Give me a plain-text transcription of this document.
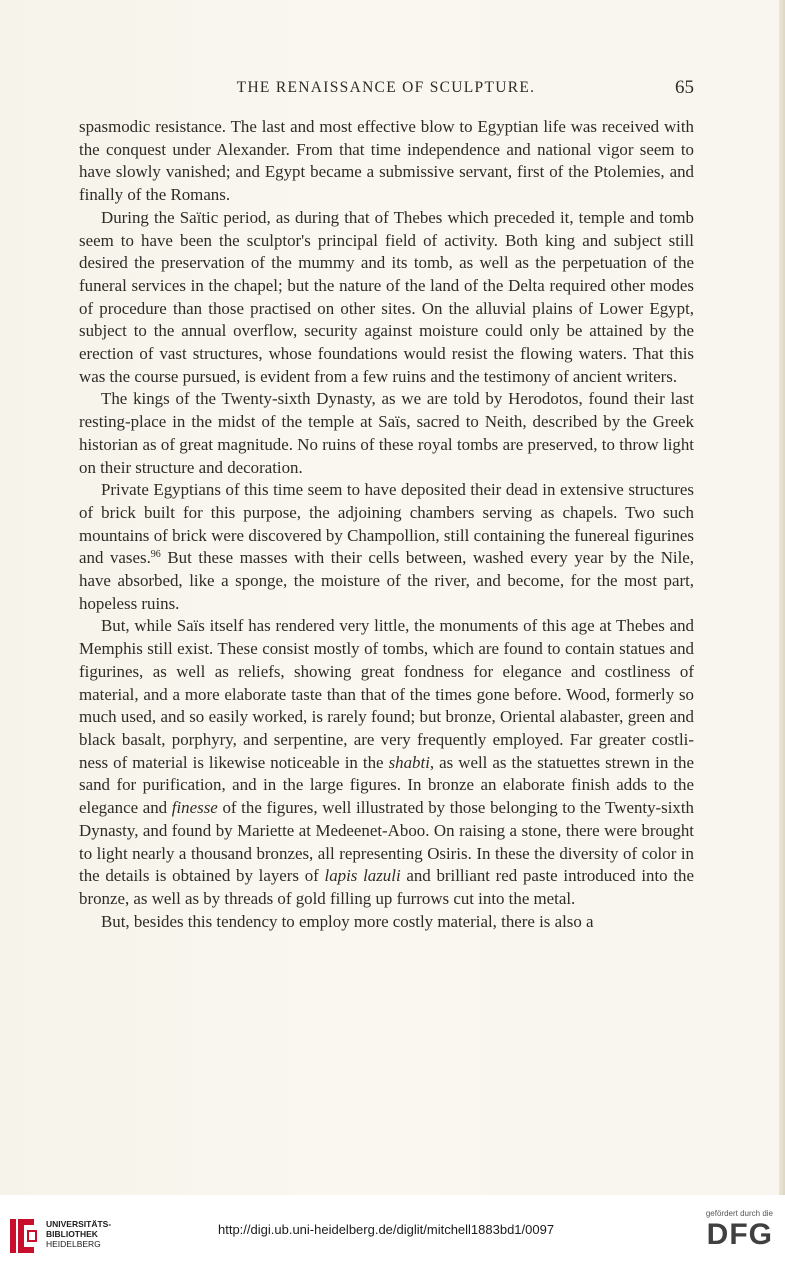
THE RENAISSANCE OF SCULPTURE.	65

spasmodic resistance. The last and most effective blow to Egyptian life was received with the conquest under Alexander. From that time independence and national vigor seem to have slowly vanished; and Egypt became a submissive servant, first of the Ptolemies, and finally of the Romans.

During the Saïtic period, as during that of Thebes which preceded it, temple and tomb seem to have been the sculptor's principal field of activity. Both king and subject still desired the preservation of the mummy and its tomb, as well as the perpetuation of the funeral services in the chapel; but the nature of the land of the Delta required other modes of procedure than those practised on other sites. On the alluvial plains of Lower Egypt, subject to the annual overflow, security against moisture could only be attained by the erection of vast structures, whose foundations would resist the flowing waters. That this was the course pursued, is evident from a few ruins and the testimony of ancient writers.

The kings of the Twenty-sixth Dynasty, as we are told by Herodotos, found their last resting-place in the midst of the temple at Saïs, sacred to Neith, described by the Greek historian as of great magnitude. No ruins of these royal tombs are preserved, to throw light on their structure and decoration.

Private Egyptians of this time seem to have deposited their dead in extensive structures of brick built for this purpose, the adjoining chambers serving as chapels. Two such mountains of brick were discovered by Champollion, still containing the funereal figurines and vases.$^{96}$ But these masses with their cells between, washed every year by the Nile, have absorbed, like a sponge, the moisture of the river, and become, for the most part, hopeless ruins.

But, while Saïs itself has rendered very little, the monuments of this age at Thebes and Memphis still exist. These consist mostly of tombs, which are found to contain statues and figurines, as well as reliefs, showing great fondness for elegance and costliness of material, and a more elaborate taste than that of the times gone before. Wood, formerly so much used, and so easily worked, is rarely found; but bronze, Oriental alabaster, green and black basalt, porphyry, and serpentine, are very frequently employed. Far greater costliness of material is likewise noticeable in the shabti, as well as the statuettes strewn in the sand for purification, and in the large figures. In bronze an elaborate finish adds to the elegance and finesse of the figures, well illustrated by those belonging to the Twenty-sixth Dynasty, and found by Mariette at Medeenet-Aboo. On raising a stone, there were brought to light nearly a thousand bronzes, all representing Osiris. In these the diversity of color in the details is obtained by layers of lapis lazuli and brilliant red paste introduced into the bronze, as well as by threads of gold filling up furrows cut into the metal.

But, besides this tendency to employ more costly material, there is also a

UNIVERSITÄTS-
BIBLIOTHEK
HEIDELBERG
http://digi.ub.uni-heidelberg.de/diglit/mitchell1883bd1/0097
gefördert durch die
DFG
